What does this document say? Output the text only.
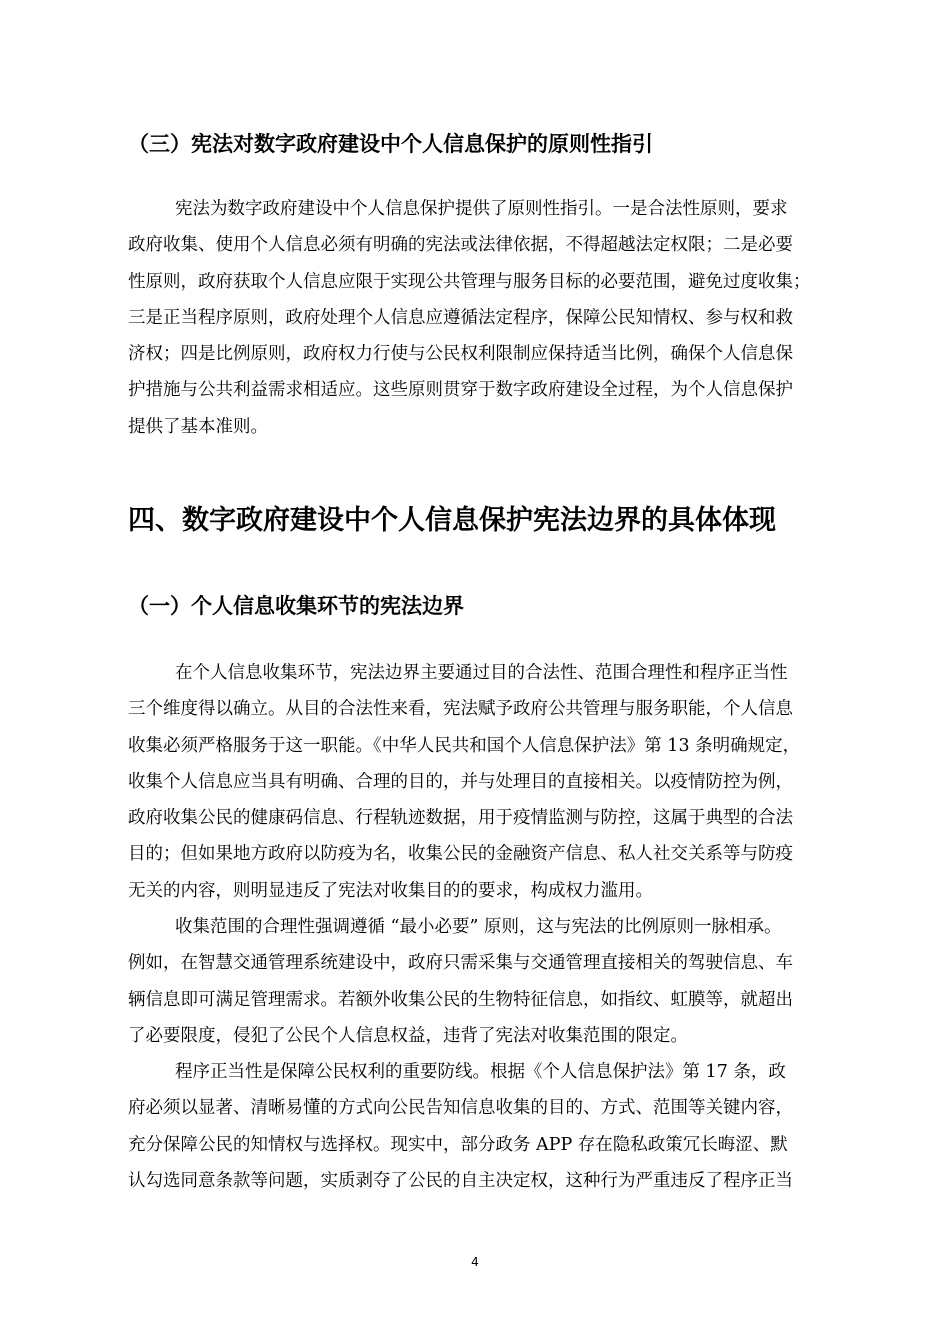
（三）宪法对数字政府建设中个人信息保护的原则性指引
宪法为数字政府建设中个人信息保护提供了原则性指引。一是合法性原则，要求
政府收集、使用个人信息必须有明确的宪法或法律依据，不得超越法定权限；二是必要
性原则，政府获取个人信息应限于实现公共管理与服务目标的必要范围，避免过度收集；
三是正当程序原则，政府处理个人信息应遵循法定程序，保障公民知情权、参与权和救
济权；四是比例原则，政府权力行使与公民权利限制应保持适当比例，确保个人信息保
护措施与公共利益需求相适应。这些原则贯穿于数字政府建设全过程，为个人信息保护
提供了基本准则。
四、数字政府建设中个人信息保护宪法边界的具体体现
（一）个人信息收集环节的宪法边界
在个人信息收集环节，宪法边界主要通过目的合法性、范围合理性和程序正当性
三个维度得以确立。从目的合法性来看，宪法赋予政府公共管理与服务职能，个人信息
收集必须严格服务于这一职能。《中华人民共和国个人信息保护法》第 13 条明确规定，
收集个人信息应当具有明确、合理的目的，并与处理目的直接相关。以疫情防控为例，
政府收集公民的健康码信息、行程轨迹数据，用于疫情监测与防控，这属于典型的合法
目的；但如果地方政府以防疫为名，收集公民的金融资产信息、私人社交关系等与防疫
无关的内容，则明显违反了宪法对收集目的的要求，构成权力滥用。
收集范围的合理性强调遵循 “最小必要” 原则，这与宪法的比例原则一脉相承。
例如，在智慧交通管理系统建设中，政府只需采集与交通管理直接相关的驾驶信息、车
辆信息即可满足管理需求。若额外收集公民的生物特征信息，如指纹、虹膜等，就超出
了必要限度，侵犯了公民个人信息权益，违背了宪法对收集范围的限定。
程序正当性是保障公民权利的重要防线。根据《个人信息保护法》第 17 条，政
府必须以显著、清晰易懂的方式向公民告知信息收集的目的、方式、范围等关键内容，
充分保障公民的知情权与选择权。现实中，部分政务 APP 存在隐私政策冗长晦涩、默
认勾选同意条款等问题，实质剥夺了公民的自主决定权，这种行为严重违反了程序正当
4
